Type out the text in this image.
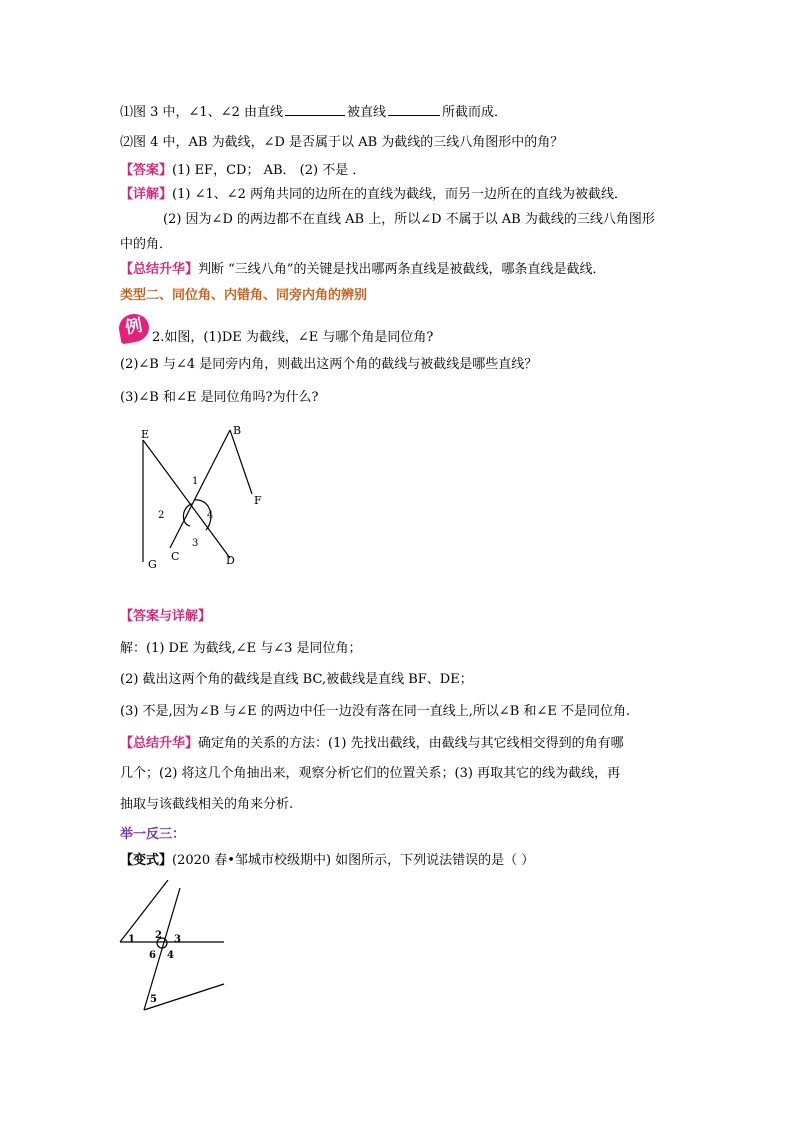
⑴图 3 中，∠1、∠2 由直线	被直线	所截而成．
⑵图 4 中，AB 为截线，∠D 是否属于以 AB 为截线的三线八角图形中的角？
【答案】(1) EF，CD； AB． (2) 不是 ．
【详解】(1) ∠1、∠2 两角共同的边所在的直线为截线，而另一边所在的直线为被截线．
(2) 因为∠D 的两边都不在直线 AB 上，所以∠D 不属于以 AB 为截线的三线八角图形
中的角．
【总结升华】判断 “三线八角”的关键是找出哪两条直线是被截线，哪条直线是截线．
类型二、同位角、内错角、同旁内角的辨别
例 2.如图，(1)DE 为截线，∠E 与哪个角是同位角?
(2)∠B 与∠4 是同旁内角，则截出这两个角的截线与被截线是哪些直线？
(3)∠B 和∠E 是同位角吗?为什么?
E	B
F
G
C	D
1
2
3
4
【答案与详解】
解：(1) DE 为截线,∠E 与∠3 是同位角；
(2) 截出这两个角的截线是直线 BC,被截线是直线 BF、DE；
(3) 不是,因为∠B 与∠E 的两边中任一边没有落在同一直线上,所以∠B 和∠E 不是同位角.
【总结升华】确定角的关系的方法：(1) 先找出截线，由截线与其它线相交得到的角有哪
几个；(2) 将这几个角抽出来，观察分析它们的位置关系；(3) 再取其它的线为截线，再
抽取与该截线相关的角来分析.
举一反三：
【变式】(2020 春•邹城市校级期中) 如图所示，下列说法错误的是（ ）
1 2 3
4
5
6
